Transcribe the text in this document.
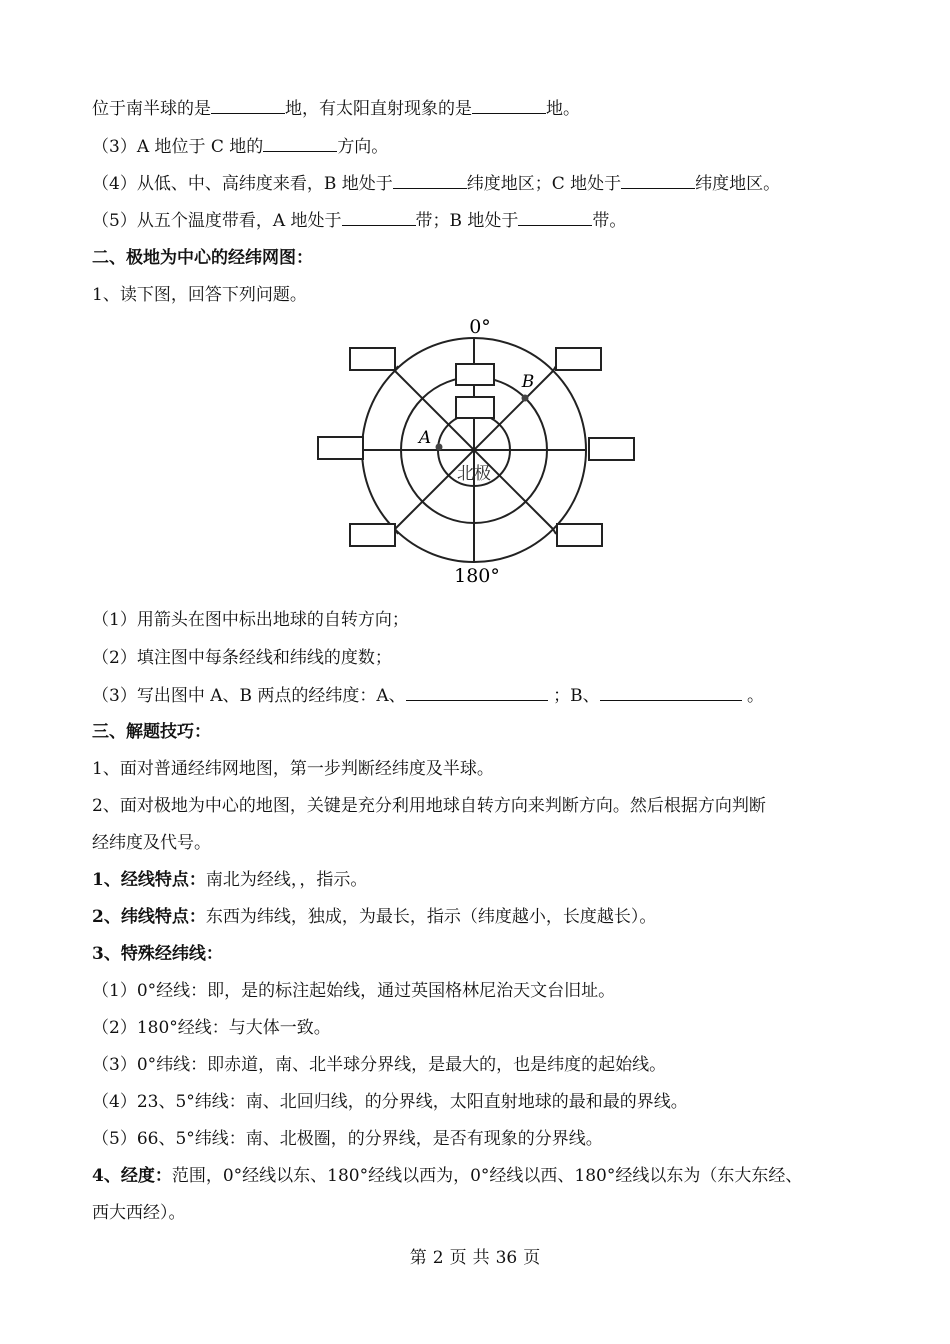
位于南半球的是	地，有太阳直射现象的是	地。
（3）A 地位于 C 地的	方向。
（4）从低、中、高纬度来看，B 地处于	纬度地区；C 地处于	纬度地区。
（5）从五个温度带看，A 地处于	带；B 地处于	带。
二、极地为中心的经纬网图：
1、读下图，回答下列问题。
0°
180°
北极
A
B
（1）用箭头在图中标出地球的自转方向；
（2）填注图中每条经线和纬线的度数；
（3）写出图中 A、B 两点的经纬度：A、	；B、	。
三、解题技巧：
1、面对普通经纬网地图，第一步判断经纬度及半球。
2、面对极地为中心的地图，关键是充分利用地球自转方向来判断方向。然后根据方向判断
经纬度及代号。
1、经线特点：南北为经线，，指示。
2、纬线特点：东西为纬线，独成，为最长，指示（纬度越小，长度越长）。
3、特殊经纬线：
（1）0°经线：即，是的标注起始线，通过英国格林尼治天文台旧址。
（2）180°经线：与大体一致。
（3）0°纬线：即赤道，南、北半球分界线，是最大的，也是纬度的起始线。
（4）23、5°纬线：南、北回归线，的分界线，太阳直射地球的最和最的界线。
（5）66、5°纬线：南、北极圈，的分界线，是否有现象的分界线。
4、经度：范围，0°经线以东、180°经线以西为，0°经线以西、180°经线以东为（东大东经、
西大西经）。
第 2 页 共 36 页
